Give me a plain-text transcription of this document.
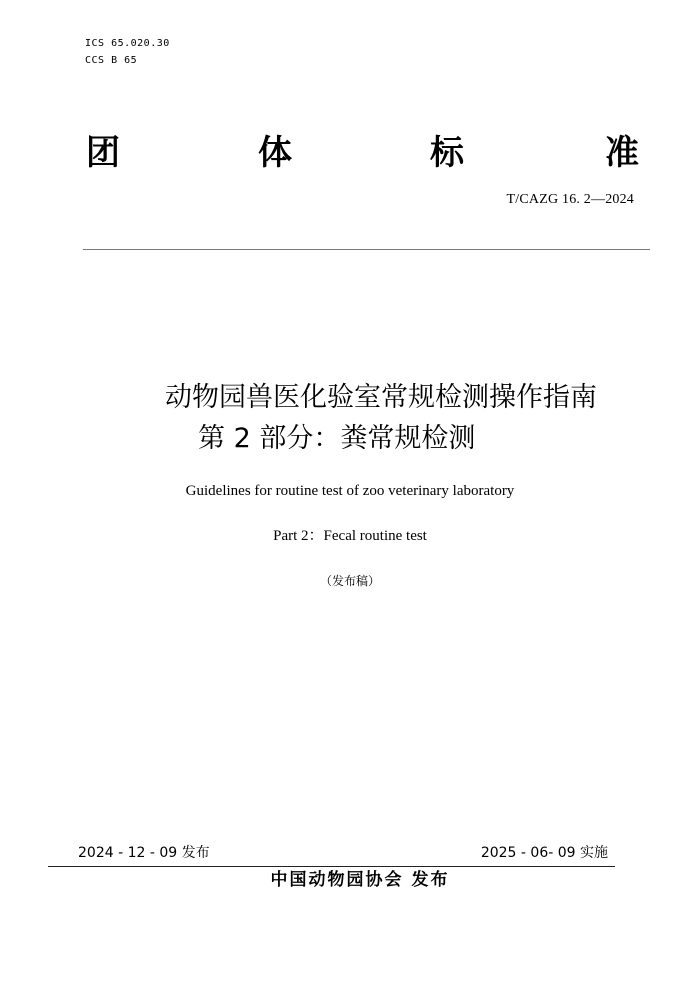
ICS 65.020.30
CCS B 65
团	体	标	准
T/CAZG 16. 2—2024
动物园兽医化验室常规检测操作指南
第 2 部分：粪常规检测
Guidelines for routine test of zoo veterinary laboratory
Part 2：Fecal routine test
（发布稿）
2024 - 12 - 09 发布	2025 - 06- 09 实施
中国动物园协会 发布
